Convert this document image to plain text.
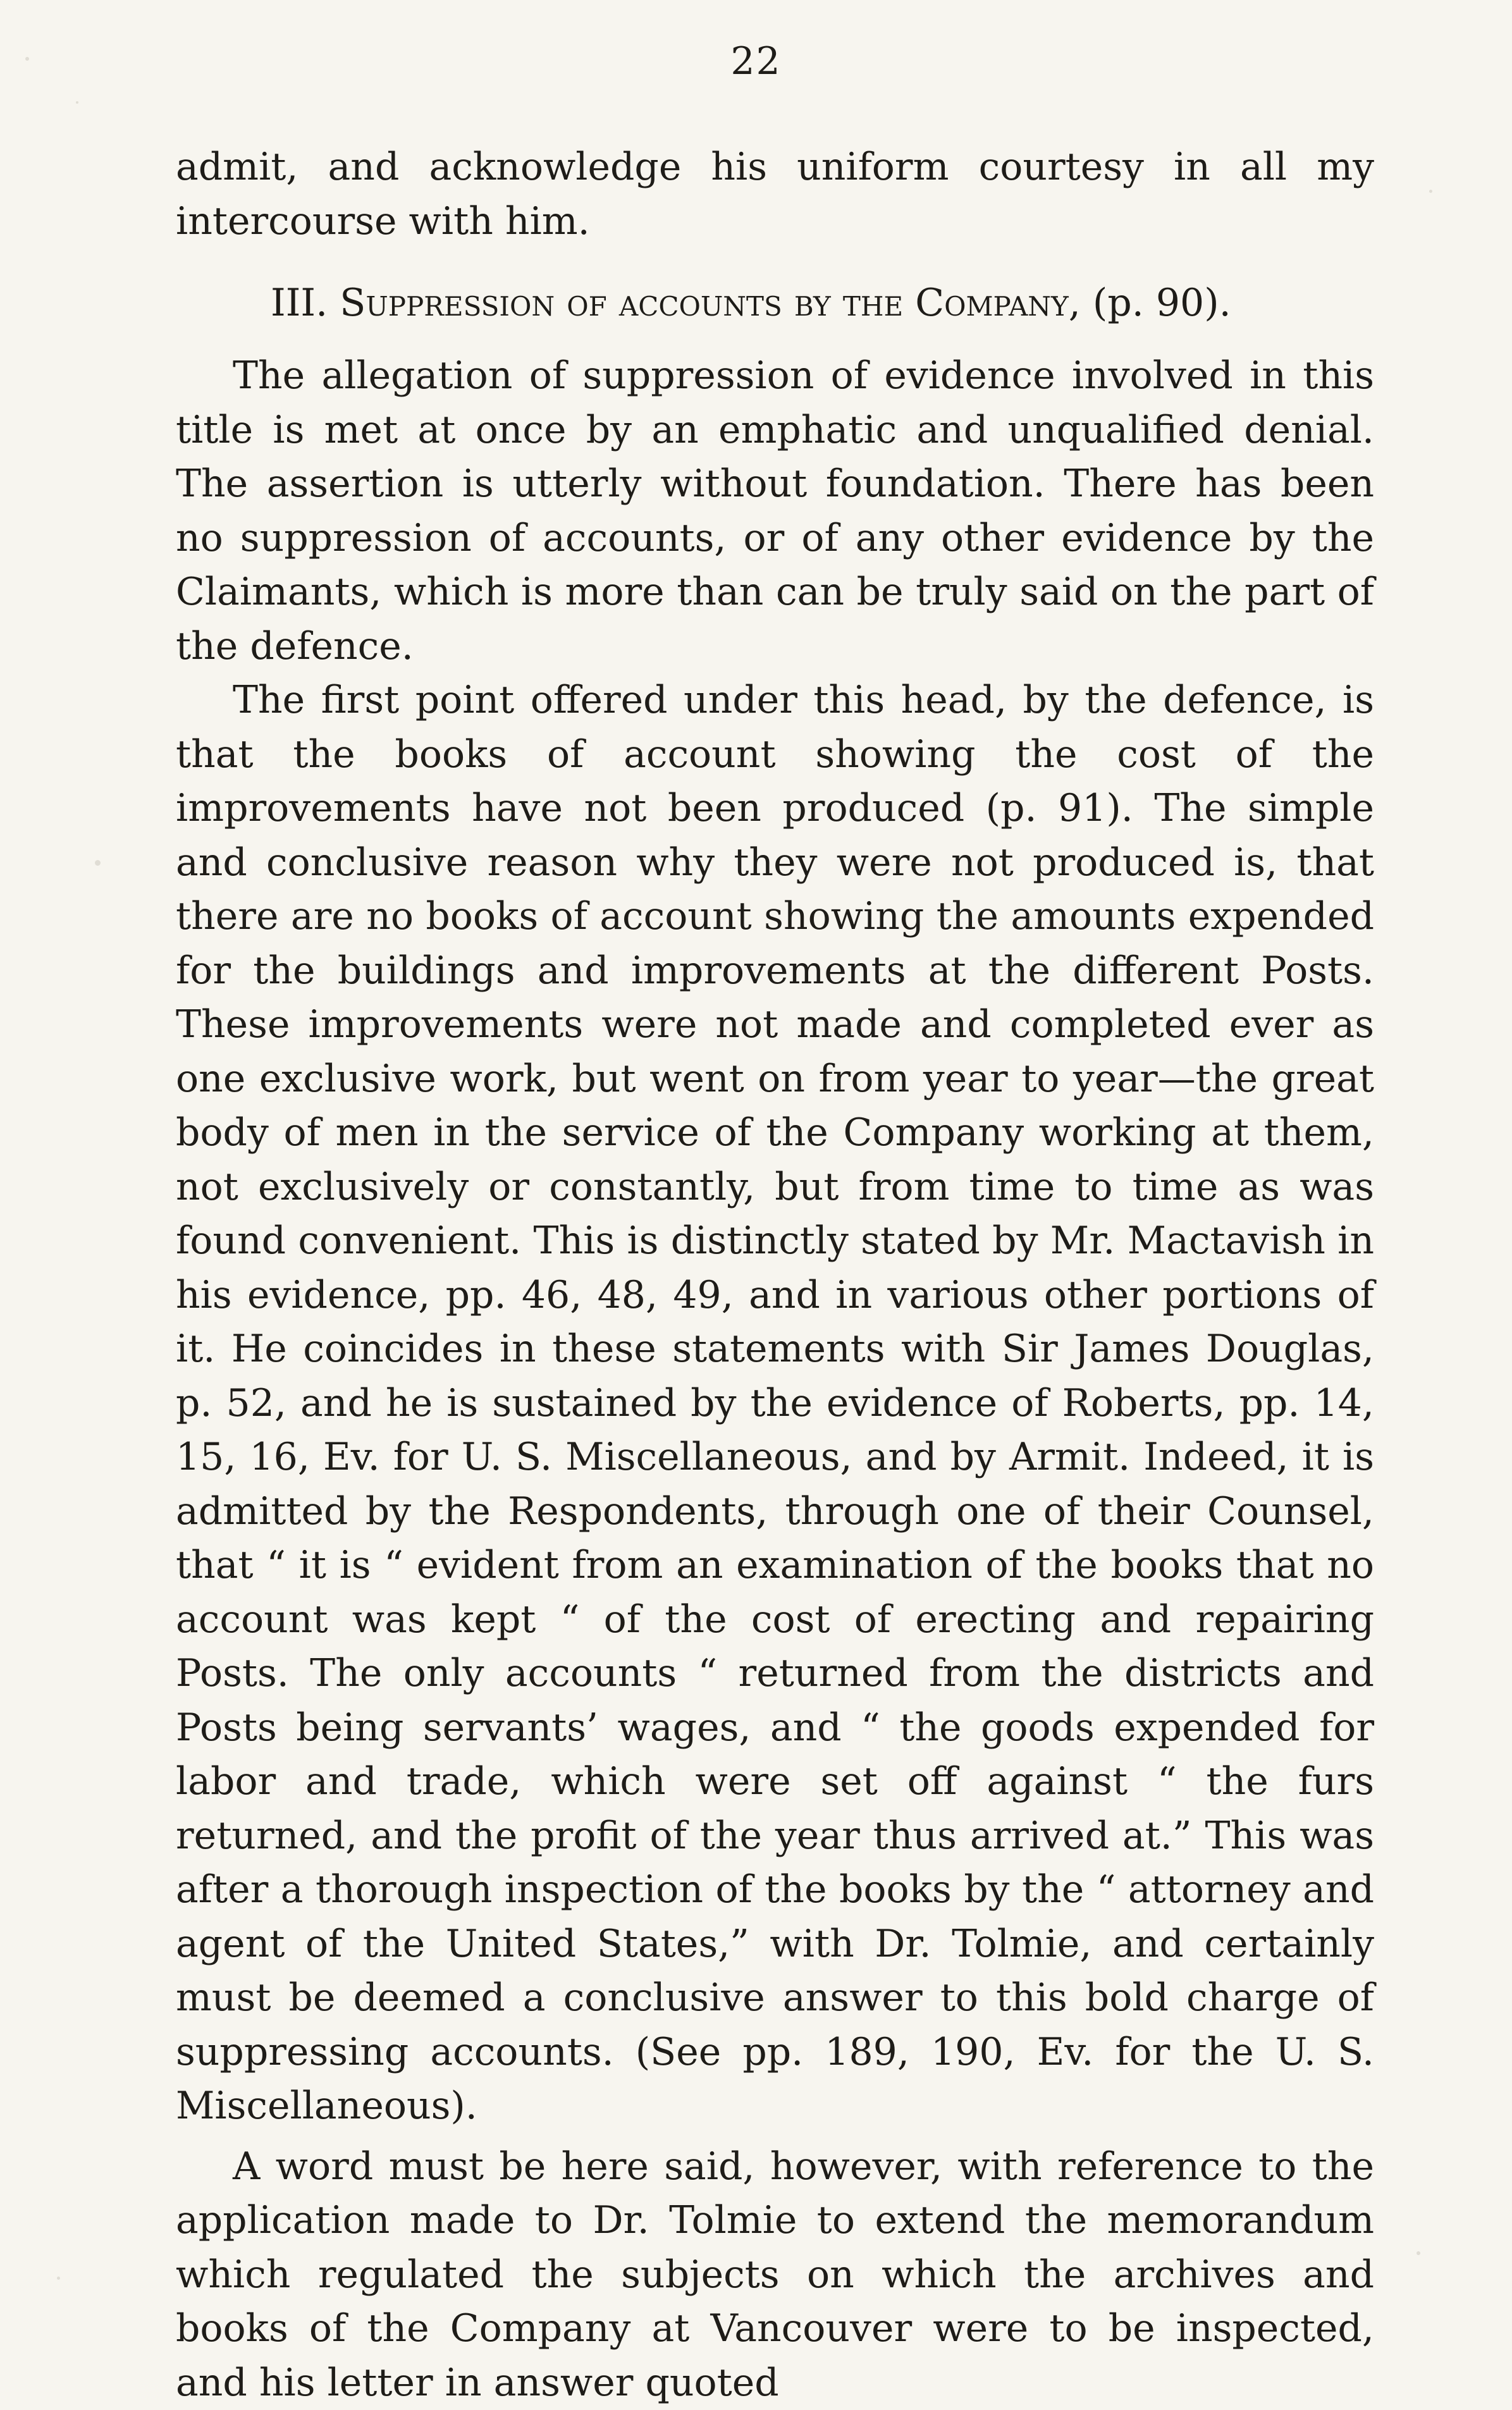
22

admit, and acknowledge his uniform courtesy in all my intercourse with him.

III. Suppression of accounts by the Company, (p. 90).

The allegation of suppression of evidence involved in this title is met at once by an emphatic and unqualified denial. The assertion is utterly without foundation. There has been no suppression of accounts, or of any other evidence by the Claimants, which is more than can be truly said on the part of the defence.

The first point offered under this head, by the defence, is that the books of account showing the cost of the improvements have not been produced (p. 91). The simple and conclusive reason why they were not produced is, that there are no books of account showing the amounts expended for the buildings and improvements at the different Posts. These improvements were not made and completed ever as one exclusive work, but went on from year to year—the great body of men in the service of the Company working at them, not exclusively or constantly, but from time to time as was found convenient. This is distinctly stated by Mr. Mactavish in his evidence, pp. 46, 48, 49, and in various other portions of it. He coincides in these statements with Sir James Douglas, p. 52, and he is sustained by the evidence of Roberts, pp. 14, 15, 16, Ev. for U. S. Miscellaneous, and by Armit. Indeed, it is admitted by the Respondents, through one of their Counsel, that “ it is “ evident from an examination of the books that no account was kept “ of the cost of erecting and repairing Posts. The only accounts “ returned from the districts and Posts being servants’ wages, and “ the goods expended for labor and trade, which were set off against “ the furs returned, and the profit of the year thus arrived at.” This was after a thorough inspection of the books by the “ attorney and agent of the United States,” with Dr. Tolmie, and certainly must be deemed a conclusive answer to this bold charge of suppressing accounts. (See pp. 189, 190, Ev. for the U. S. Miscellaneous).

A word must be here said, however, with reference to the application made to Dr. Tolmie to extend the memorandum which regulated the subjects on which the archives and books of the Company at Vancouver were to be inspected, and his letter in answer quoted
